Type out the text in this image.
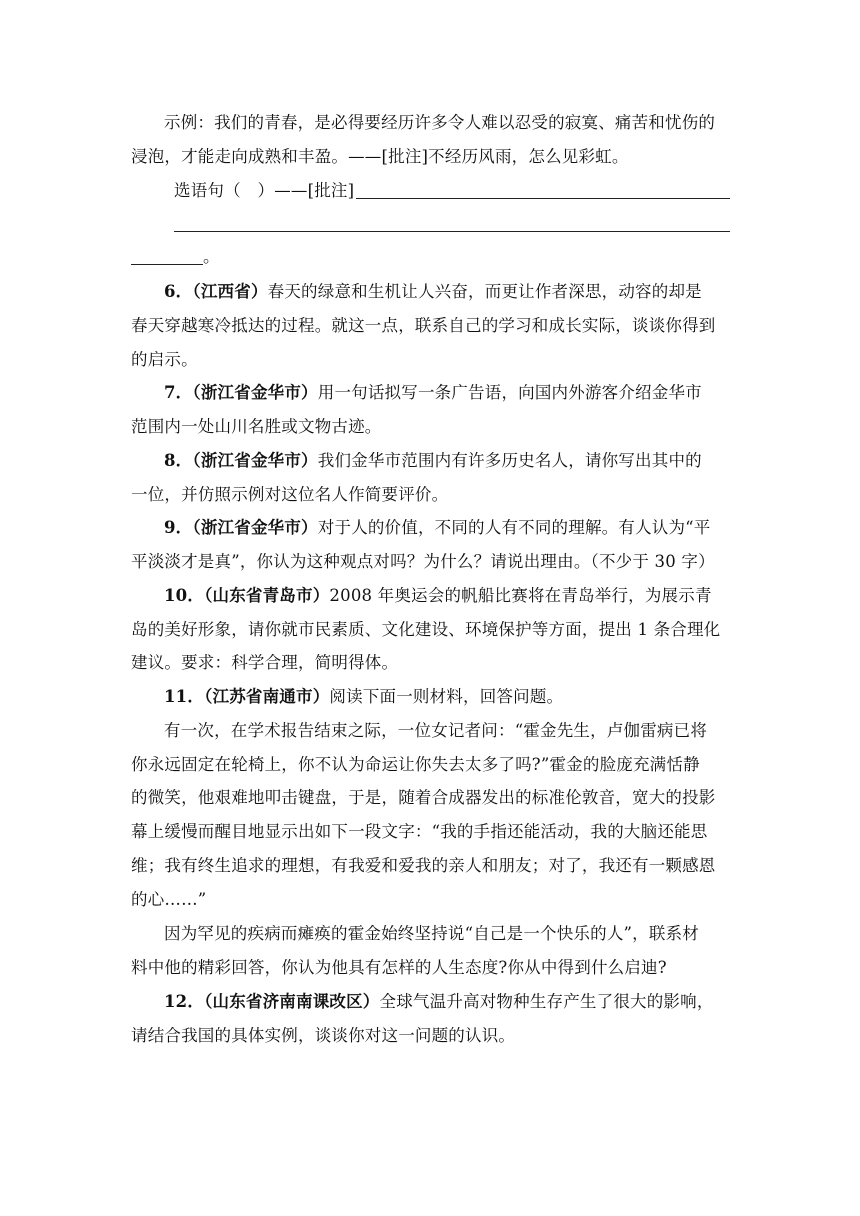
示例：我们的青春，是必得要经历许多令人难以忍受的寂寞、痛苦和忧伤的
浸泡，才能走向成熟和丰盈。——[批注]不经历风雨，怎么见彩虹。
选语句（　）——[批注]
。
6．（江西省）春天的绿意和生机让人兴奋，而更让作者深思，动容的却是
春天穿越寒冷抵达的过程。就这一点，联系自己的学习和成长实际，谈谈你得到
的启示。
7．（浙江省金华市）用一句话拟写一条广告语，向国内外游客介绍金华市
范围内一处山川名胜或文物古迹。
8．（浙江省金华市）我们金华市范围内有许多历史名人，请你写出其中的
一位，并仿照示例对这位名人作简要评价。
9．（浙江省金华市）对于人的价值，不同的人有不同的理解。有人认为“平
平淡淡才是真”，你认为这种观点对吗？为什么？请说出理由。（不少于 30 字）
10．（山东省青岛市）2008 年奥运会的帆船比赛将在青岛举行，为展示青
岛的美好形象，请你就市民素质、文化建设、环境保护等方面，提出 1 条合理化
建议。要求：科学合理，简明得体。
11．（江苏省南通市）阅读下面一则材料，回答问题。
有一次，在学术报告结束之际，一位女记者问：“霍金先生，卢伽雷病已将
你永远固定在轮椅上，你不认为命运让你失去太多了吗?”霍金的脸庞充满恬静
的微笑，他艰难地叩击键盘，于是，随着合成器发出的标准伦敦音，宽大的投影
幕上缓慢而醒目地显示出如下一段文字：“我的手指还能活动，我的大脑还能思
维；我有终生追求的理想，有我爱和爱我的亲人和朋友；对了，我还有一颗感恩
的心……”
因为罕见的疾病而瘫痪的霍金始终坚持说“自己是一个快乐的人”，联系材
料中他的精彩回答，你认为他具有怎样的人生态度?你从中得到什么启迪?
12．（山东省济南南课改区）全球气温升高对物种生存产生了很大的影响，
请结合我国的具体实例，谈谈你对这一问题的认识。
